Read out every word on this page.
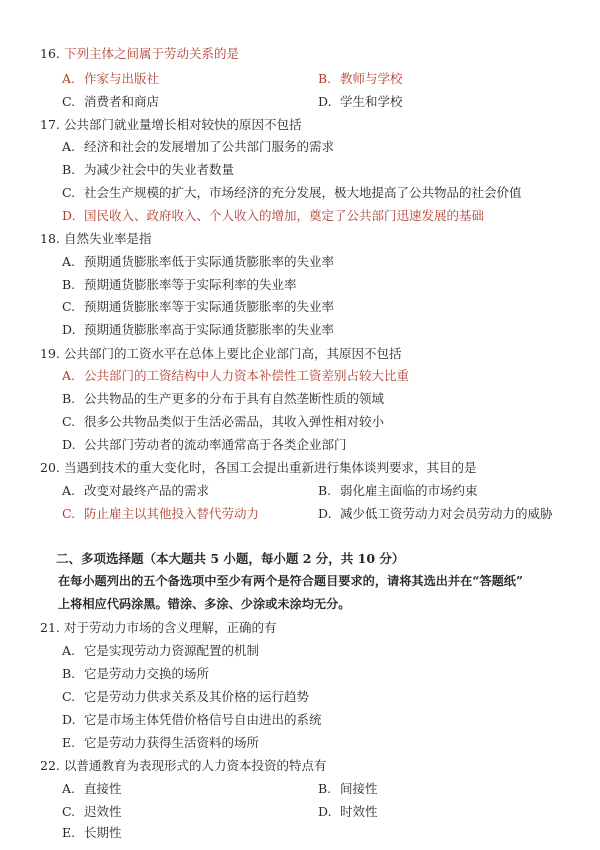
16. 下列主体之间属于劳动关系的是
A. 作家与出版社	B. 教师与学校
C. 消费者和商店	D. 学生和学校
17. 公共部门就业量增长相对较快的原因不包括
A. 经济和社会的发展增加了公共部门服务的需求
B. 为减少社会中的失业者数量
C. 社会生产规模的扩大，市场经济的充分发展，极大地提高了公共物品的社会价值
D. 国民收入、政府收入、个人收入的增加，奠定了公共部门迅速发展的基础
18. 自然失业率是指
A. 预期通货膨胀率低于实际通货膨胀率的失业率
B. 预期通货膨胀率等于实际利率的失业率
C. 预期通货膨胀率等于实际通货膨胀率的失业率
D. 预期通货膨胀率高于实际通货膨胀率的失业率
19. 公共部门的工资水平在总体上要比企业部门高，其原因不包括
A. 公共部门的工资结构中人力资本补偿性工资差别占较大比重
B. 公共物品的生产更多的分布于具有自然垄断性质的领域
C. 很多公共物品类似于生活必需品，其收入弹性相对较小
D. 公共部门劳动者的流动率通常高于各类企业部门
20. 当遇到技术的重大变化时，各国工会提出重新进行集体谈判要求，其目的是
A. 改变对最终产品的需求	B. 弱化雇主面临的市场约束
C. 防止雇主以其他投入替代劳动力	D. 减少低工资劳动力对会员劳动力的威胁
二、多项选择题（本大题共 5 小题，每小题 2 分，共 10 分）
在每小题列出的五个备选项中至少有两个是符合题目要求的，请将其选出并在“答题纸”
上将相应代码涂黑。错涂、多涂、少涂或未涂均无分。
21. 对于劳动力市场的含义理解，正确的有
A. 它是实现劳动力资源配置的机制
B. 它是劳动力交换的场所
C. 它是劳动力供求关系及其价格的运行趋势
D. 它是市场主体凭借价格信号自由进出的系统
E. 它是劳动力获得生活资料的场所
22. 以普通教育为表现形式的人力资本投资的特点有
A. 直接性	B. 间接性
C. 迟效性	D. 时效性
E. 长期性
